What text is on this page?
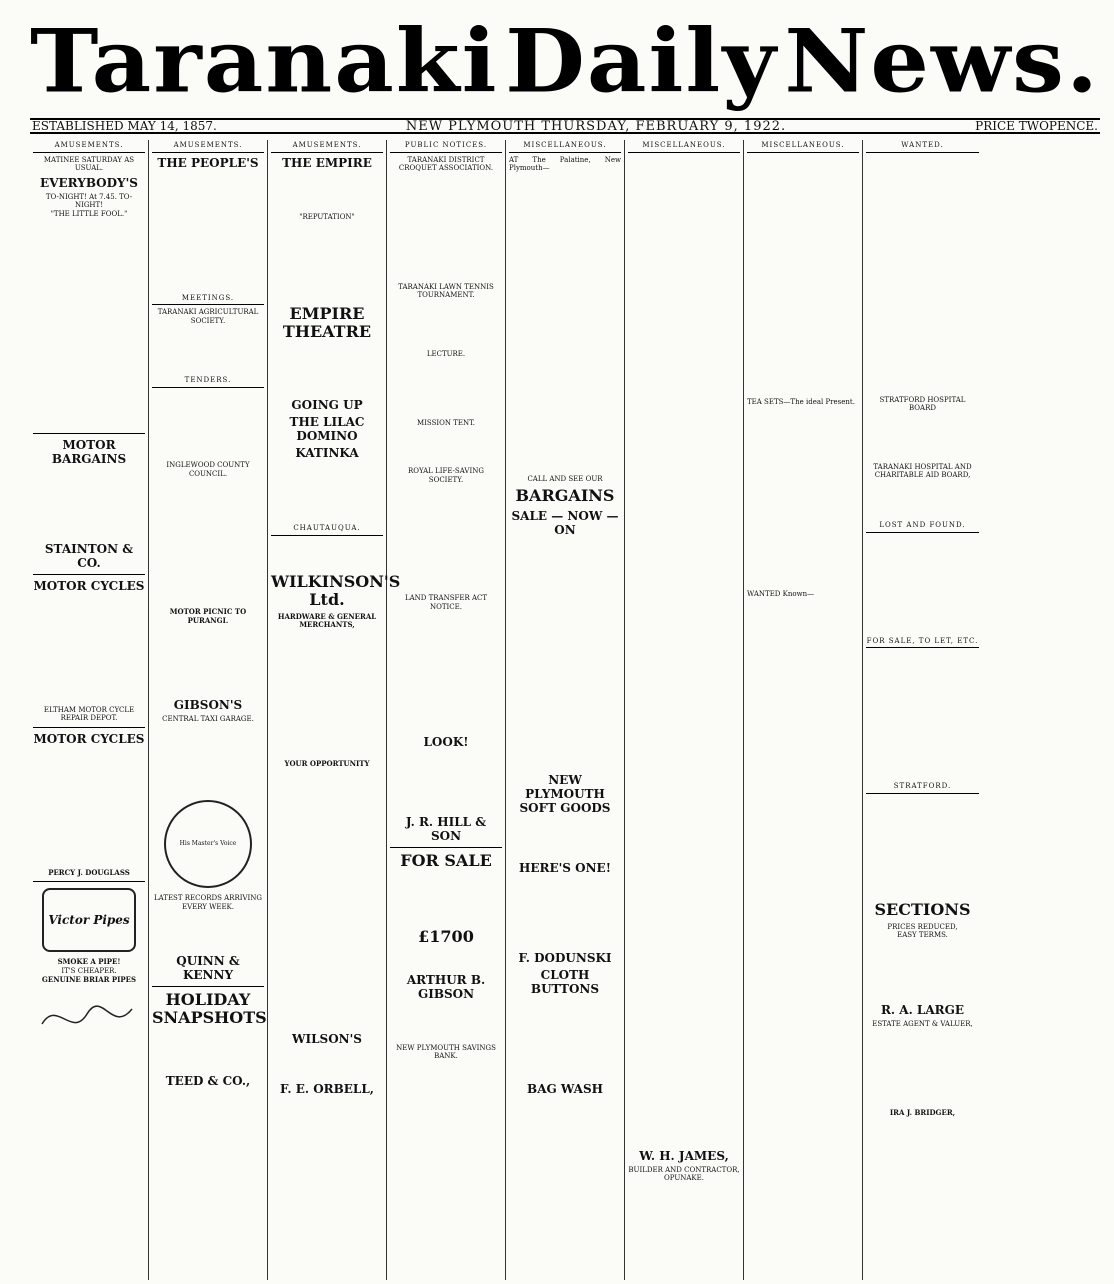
Taranaki Daily News.
ESTABLISHED MAY 14, 1857.	NEW PLYMOUTH THURSDAY, FEBRUARY 9, 1922.	PRICE TWOPENCE.
AMUSEMENTS.
MATINEE SATURDAY AS USUAL.
EVERYBODY'S
TO-NIGHT! At 7.45. TO-NIGHT!
"THE LITTLE FOOL."
MOTOR BARGAINS
STAINTON & CO.
MOTOR CYCLES
ELTHAM MOTOR CYCLE REPAIR DEPOT.
MOTOR CYCLES
PERCY J. DOUGLASS
Victor Pipes
SMOKE A PIPE!
IT'S CHEAPER.
GENUINE BRIAR PIPES
AMUSEMENTS.
THE PEOPLE'S
MEETINGS.
TARANAKI AGRICULTURAL SOCIETY.
TENDERS.
INGLEWOOD COUNTY COUNCIL.
MOTOR PICNIC TO PURANGI.
GIBSON'S
CENTRAL TAXI GARAGE.
His Master's Voice
LATEST RECORDS ARRIVING EVERY WEEK.
QUINN & KENNY
HOLIDAY SNAPSHOTS
TEED & CO.,
AMUSEMENTS.
THE EMPIRE
"REPUTATION"
EMPIRE THEATRE
GOING UP
THE LILAC DOMINO
KATINKA
CHAUTAUQUA.
WILKINSON'S Ltd.
HARDWARE & GENERAL MERCHANTS,
YOUR OPPORTUNITY
WILSON'S
F. E. ORBELL,
PUBLIC NOTICES.
TARANAKI DISTRICT CROQUET ASSOCIATION.
TARANAKI LAWN TENNIS TOURNAMENT.
LECTURE.
MISSION TENT.
ROYAL LIFE-SAVING SOCIETY.
LAND TRANSFER ACT NOTICE.
LOOK!
J. R. HILL & SON
FOR SALE
£1700
ARTHUR B. GIBSON
NEW PLYMOUTH SAVINGS BANK.
MISCELLANEOUS.
AT The Palatine, New Plymouth—
CALL AND SEE OUR
BARGAINS
SALE — NOW — ON
NEW PLYMOUTH SOFT GOODS
HERE'S ONE!
F. DODUNSKI
CLOTH BUTTONS
BAG WASH
MISCELLANEOUS.
W. H. JAMES,
BUILDER AND CONTRACTOR, OPUNAKE.
MISCELLANEOUS.
TEA SETS—The ideal Present.
WANTED Known—
WANTED.
STRATFORD HOSPITAL BOARD
TARANAKI HOSPITAL AND CHARITABLE AID BOARD,
LOST AND FOUND.
FOR SALE, TO LET, ETC.
STRATFORD.
SECTIONS
PRICES REDUCED,
EASY TERMS.
R. A. LARGE
ESTATE AGENT & VALUER,
IRA J. BRIDGER,
